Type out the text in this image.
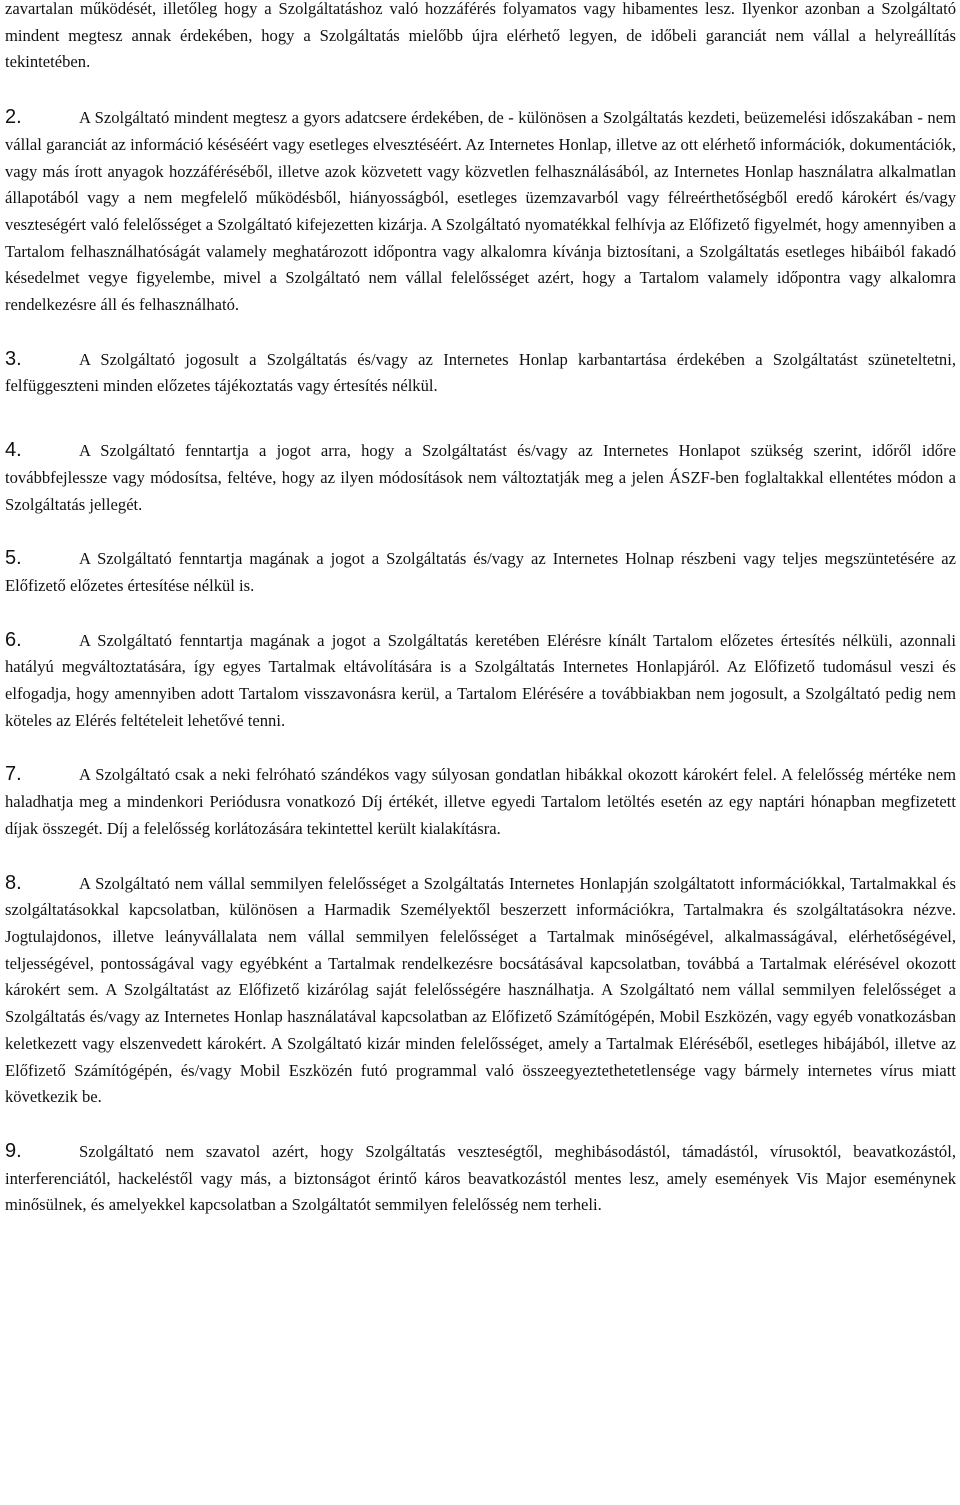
zavartalan működését, illetőleg hogy a Szolgáltatáshoz való hozzáférés folyamatos vagy hibamentes lesz. Ilyenkor azonban a Szolgáltató mindent megtesz annak érdekében, hogy a Szolgáltatás mielőbb újra elérhető legyen, de időbeli garanciát nem vállal a helyreállítás tekintetében.

2.	A Szolgáltató mindent megtesz a gyors adatcsere érdekében, de - különösen a Szolgáltatás kezdeti, beüzemelési időszakában - nem vállal garanciát az információ késéséért vagy esetleges elvesztéséért. Az Internetes Honlap, illetve az ott elérhető információk, dokumentációk, vagy más írott anyagok hozzáféréséből, illetve azok közvetett vagy közvetlen felhasználásából, az Internetes Honlap használatra alkalmatlan állapotából vagy a nem megfelelő működésből, hiányosságból, esetleges üzemzavarból vagy félreérthetőségből eredő károkért és/vagy veszteségért való felelősséget a Szolgáltató kifejezetten kizárja. A Szolgáltató nyomatékkal felhívja az Előfizető figyelmét, hogy amennyiben a Tartalom felhasználhatóságát valamely meghatározott időpontra vagy alkalomra kívánja biztosítani, a Szolgáltatás esetleges hibáiból fakadó késedelmet vegye figyelembe, mivel a Szolgáltató nem vállal felelősséget azért, hogy a Tartalom valamely időpontra vagy alkalomra rendelkezésre áll és felhasználható.

3.	A Szolgáltató jogosult a Szolgáltatás és/vagy az Internetes Honlap karbantartása érdekében a Szolgáltatást szüneteltetni, felfüggeszteni minden előzetes tájékoztatás vagy értesítés nélkül.

4.	A Szolgáltató fenntartja a jogot arra, hogy a Szolgáltatást és/vagy az Internetes Honlapot szükség szerint, időről időre továbbfejlessze vagy módosítsa, feltéve, hogy az ilyen módosítások nem változtatják meg a jelen ÁSZF-ben foglaltakkal ellentétes módon a Szolgáltatás jellegét.

5.	A Szolgáltató fenntartja magának a jogot a Szolgáltatás és/vagy az Internetes Holnap részbeni vagy teljes megszüntetésére az Előfizető előzetes értesítése nélkül is.

6.	A Szolgáltató fenntartja magának a jogot a Szolgáltatás keretében Elérésre kínált Tartalom előzetes értesítés nélküli, azonnali hatályú megváltoztatására, így egyes Tartalmak eltávolítására is a Szolgáltatás Internetes Honlapjáról. Az Előfizető tudomásul veszi és elfogadja, hogy amennyiben adott Tartalom visszavonásra kerül, a Tartalom Elérésére a továbbiakban nem jogosult, a Szolgáltató pedig nem köteles az Elérés feltételeit lehetővé tenni.

7.	A Szolgáltató csak a neki felróható szándékos vagy súlyosan gondatlan hibákkal okozott károkért felel. A felelősség mértéke nem haladhatja meg a mindenkori Periódusra vonatkozó Díj értékét, illetve egyedi Tartalom letöltés esetén az egy naptári hónapban megfizetett díjak összegét. Díj a felelősség korlátozására tekintettel került kialakításra.

8.	A Szolgáltató nem vállal semmilyen felelősséget a Szolgáltatás Internetes Honlapján szolgáltatott információkkal, Tartalmakkal és szolgáltatásokkal kapcsolatban, különösen a Harmadik Személyektől beszerzett információkra, Tartalmakra és szolgáltatásokra nézve. Jogtulajdonos, illetve leányvállalata nem vállal semmilyen felelősséget a Tartalmak minőségével, alkalmasságával, elérhetőségével, teljességével, pontosságával vagy egyébként a Tartalmak rendelkezésre bocsátásával kapcsolatban, továbbá a Tartalmak elérésével okozott károkért sem. A Szolgáltatást az Előfizető kizárólag saját felelősségére használhatja. A Szolgáltató nem vállal semmilyen felelősséget a Szolgáltatás és/vagy az Internetes Honlap használatával kapcsolatban az Előfizető Számítógépén, Mobil Eszközén, vagy egyéb vonatkozásban keletkezett vagy elszenvedett károkért. A Szolgáltató kizár minden felelősséget, amely a Tartalmak Eléréséből, esetleges hibájából, illetve az Előfizető Számítógépén, és/vagy Mobil Eszközén futó programmal való összeegyeztethetetlensége vagy bármely internetes vírus miatt következik be.

9.	Szolgáltató nem szavatol azért, hogy Szolgáltatás veszteségtől, meghibásodástól, támadástól, vírusoktól, beavatkozástól, interferenciától, hackeléstől vagy más, a biztonságot érintő káros beavatkozástól mentes lesz, amely események Vis Major eseménynek minősülnek, és amelyekkel kapcsolatban a Szolgáltatót semmilyen felelősség nem terheli.
